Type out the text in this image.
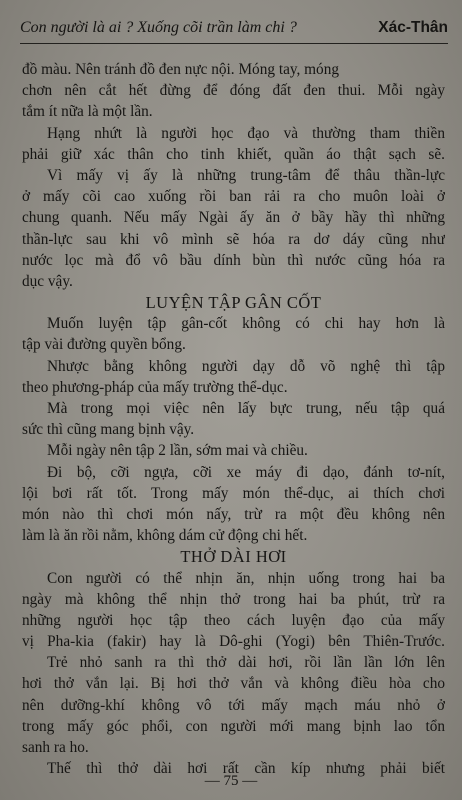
Con người là ai ? Xuống cõi trần làm chi ?	Xác-Thân
đồ màu. Nên tránh đồ đen nực nội. Móng tay, móng
chơn nên cắt hết đừng để đóng đất đen thui. Mỗi ngày
tắm ít nữa là một lần.
Hạng nhứt là người học đạo và thường tham thiền
phải giữ xác thân cho tinh khiết, quần áo thật sạch sẽ.
Vì mấy vị ấy là những trung-tâm để thâu thần-lực
ở mấy cõi cao xuống rồi ban rải ra cho muôn loài ở
chung quanh. Nếu mấy Ngài ấy ăn ở bầy hầy thì những
thần-lực sau khi vô mình sẽ hóa ra dơ dáy cũng như
nước lọc mà đổ vô bầu dính bùn thì nước cũng hóa ra
dục vậy.
LUYỆN TẬP GÂN CỐT
Muốn luyện tập gân-cốt không có chi hay hơn là
tập vài đường quyền bổng.
Nhược bằng không người dạy dỗ võ nghệ thì tập
theo phương-pháp của mấy trường thể-dục.
Mà trong mọi việc nên lấy bực trung, nếu tập quá
sức thì cũng mang bịnh vậy.
Mỗi ngày nên tập 2 lần, sớm mai và chiều.
Đi bộ, cỡi ngựa, cỡi xe máy đi dạo, đánh tơ-nít,
lội bơi rất tốt. Trong mấy món thể-dục, ai thích chơi
món nào thì chơi món nấy, trừ ra một đều không nên
làm là ăn rồi nằm, không dám cử động chi hết.
THỞ DÀI HƠI
Con người có thể nhịn ăn, nhịn uống trong hai ba
ngày mà không thể nhịn thở trong hai ba phút, trừ ra
những người học tập theo cách luyện đạo của mấy
vị Pha-kia (fakir) hay là Dô-ghi (Yogi) bên Thiên-Trước.
Trẻ nhỏ sanh ra thì thở dài hơi, rồi lần lần lớn lên
hơi thở vắn lại. Bị hơi thở vắn và không điều hòa cho
nên dưỡng-khí không vô tới mấy mạch máu nhỏ ở
trong mấy góc phổi, con người mới mang bịnh lao tổn
sanh ra ho.
Thế thì thở dài hơi rất cần kíp nhưng phải biết
— 75 —
